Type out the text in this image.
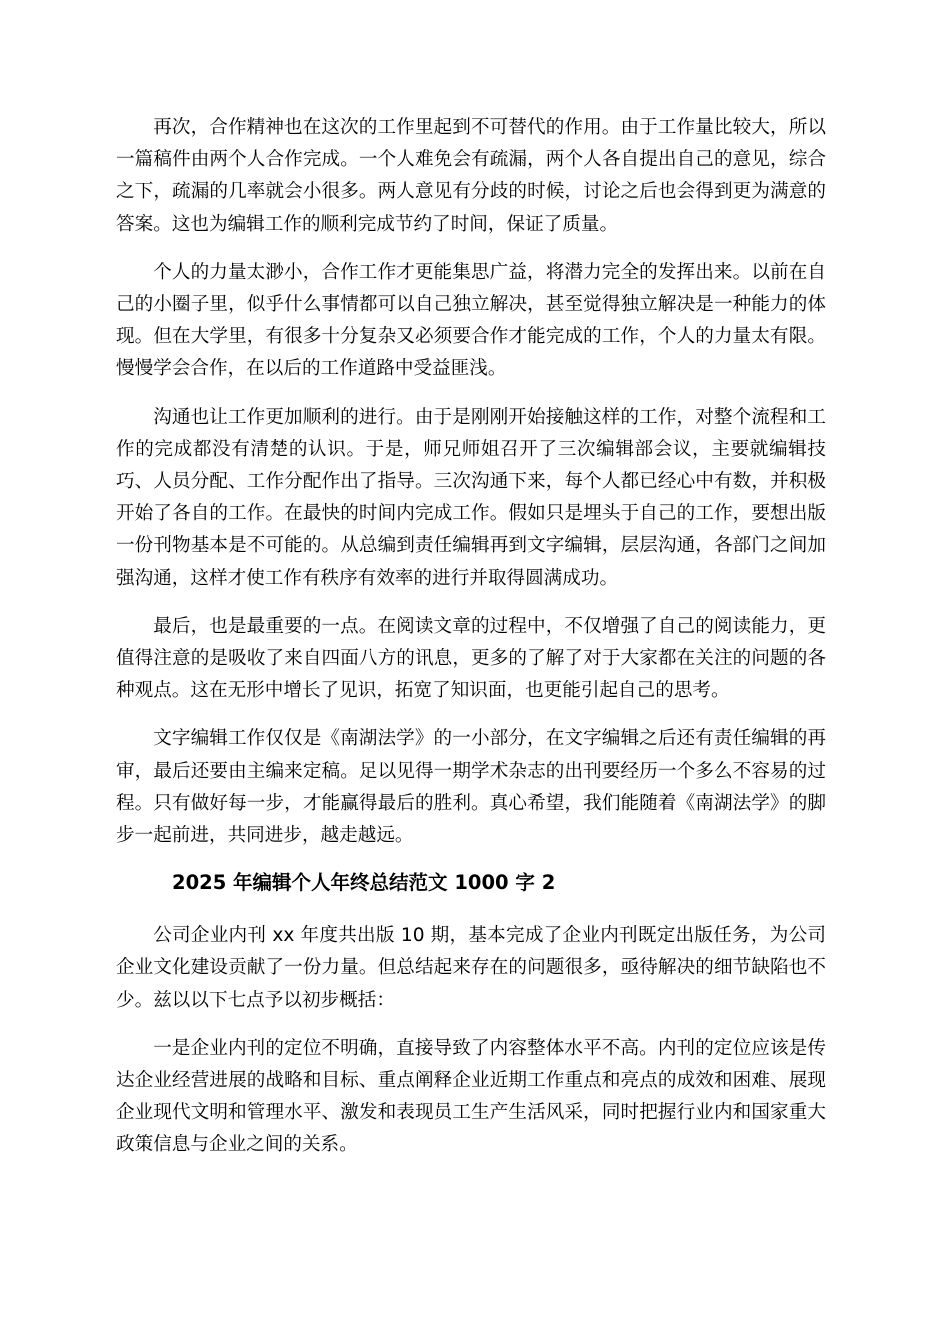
再次，合作精神也在这次的工作里起到不可替代的作用。由于工作量比较大，所以一篇稿件由两个人合作完成。一个人难免会有疏漏，两个人各自提出自己的意见，综合之下，疏漏的几率就会小很多。两人意见有分歧的时候，讨论之后也会得到更为满意的答案。这也为编辑工作的顺利完成节约了时间，保证了质量。

个人的力量太渺小，合作工作才更能集思广益，将潜力完全的发挥出来。以前在自己的小圈子里，似乎什么事情都可以自己独立解决，甚至觉得独立解决是一种能力的体现。但在大学里，有很多十分复杂又必须要合作才能完成的工作，个人的力量太有限。慢慢学会合作，在以后的工作道路中受益匪浅。

沟通也让工作更加顺利的进行。由于是刚刚开始接触这样的工作，对整个流程和工作的完成都没有清楚的认识。于是，师兄师姐召开了三次编辑部会议，主要就编辑技巧、人员分配、工作分配作出了指导。三次沟通下来，每个人都已经心中有数，并积极开始了各自的工作。在最快的时间内完成工作。假如只是埋头于自己的工作，要想出版一份刊物基本是不可能的。从总编到责任编辑再到文字编辑，层层沟通，各部门之间加强沟通，这样才使工作有秩序有效率的进行并取得圆满成功。

最后，也是最重要的一点。在阅读文章的过程中，不仅增强了自己的阅读能力，更值得注意的是吸收了来自四面八方的讯息，更多的了解了对于大家都在关注的问题的各种观点。这在无形中增长了见识，拓宽了知识面，也更能引起自己的思考。

文字编辑工作仅仅是《南湖法学》的一小部分，在文字编辑之后还有责任编辑的再审，最后还要由主编来定稿。足以见得一期学术杂志的出刊要经历一个多么不容易的过程。只有做好每一步，才能赢得最后的胜利。真心希望，我们能随着《南湖法学》的脚步一起前进，共同进步，越走越远。

2025 年编辑个人年终总结范文 1000 字 2

公司企业内刊 xx 年度共出版 10 期，基本完成了企业内刊既定出版任务，为公司企业文化建设贡献了一份力量。但总结起来存在的问题很多，亟待解决的细节缺陷也不少。兹以以下七点予以初步概括：

一是企业内刊的定位不明确，直接导致了内容整体水平不高。内刊的定位应该是传达企业经营进展的战略和目标、重点阐释企业近期工作重点和亮点的成效和困难、展现企业现代文明和管理水平、激发和表现员工生产生活风采，同时把握行业内和国家重大政策信息与企业之间的关系。
